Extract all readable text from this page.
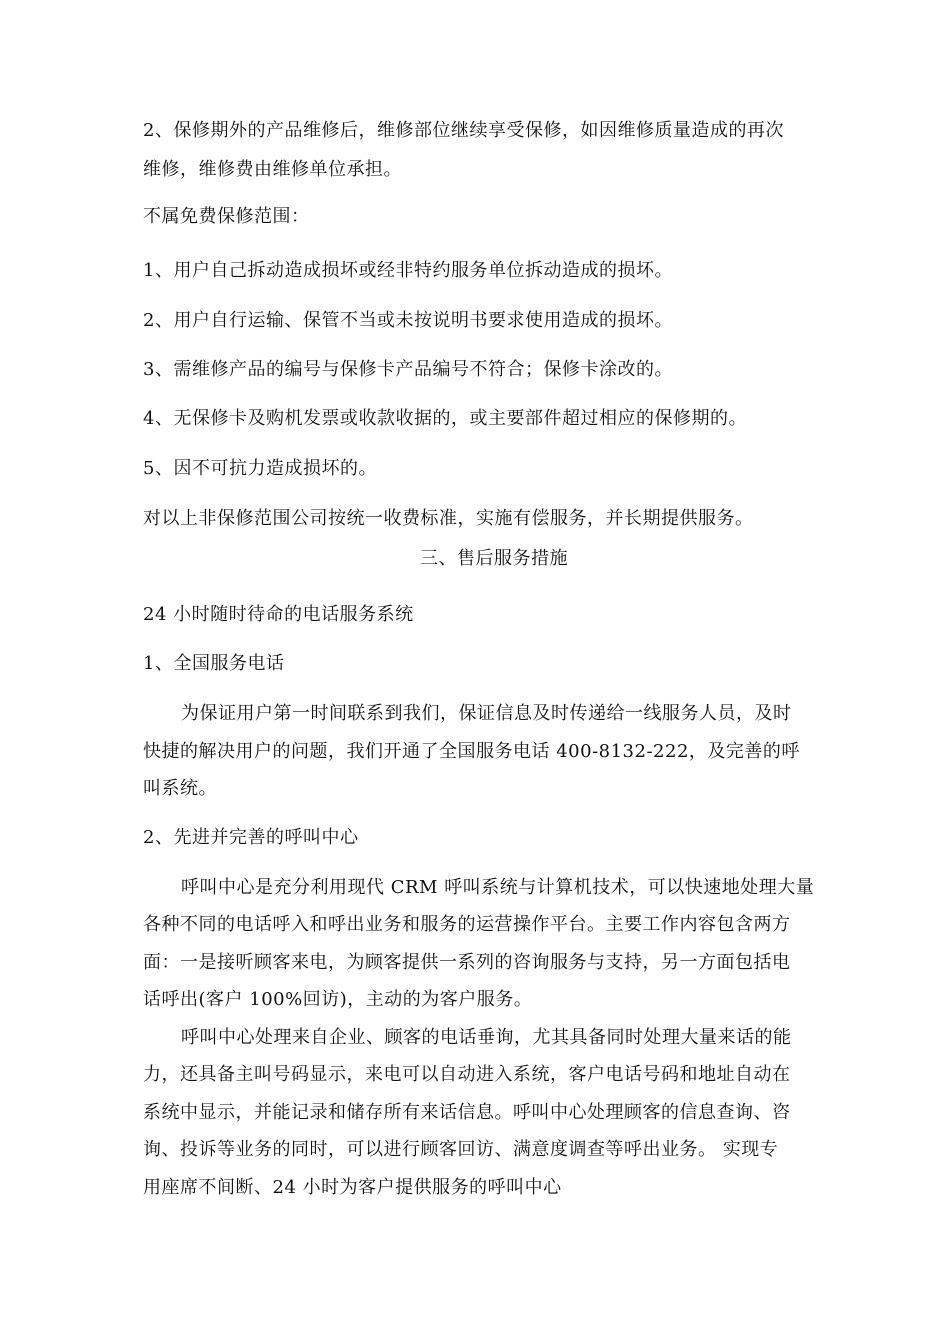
2、保修期外的产品维修后，维修部位继续享受保修，如因维修质量造成的再次
维修，维修费由维修单位承担。
不属免费保修范围：
1、用户自己拆动造成损坏或经非特约服务单位拆动造成的损坏。
2、用户自行运输、保管不当或未按说明书要求使用造成的损坏。
3、需维修产品的编号与保修卡产品编号不符合；保修卡涂改的。
4、无保修卡及购机发票或收款收据的，或主要部件超过相应的保修期的。
5、因不可抗力造成损坏的。
对以上非保修范围公司按统一收费标准，实施有偿服务，并长期提供服务。
三、售后服务措施
24 小时随时待命的电话服务系统
1、全国服务电话
为保证用户第一时间联系到我们，保证信息及时传递给一线服务人员，及时
快捷的解决用户的问题，我们开通了全国服务电话 400-8132-222，及完善的呼
叫系统。
2、先进并完善的呼叫中心
呼叫中心是充分利用现代 CRM 呼叫系统与计算机技术，可以快速地处理大量
各种不同的电话呼入和呼出业务和服务的运营操作平台。主要工作内容包含两方
面：一是接听顾客来电，为顾客提供一系列的咨询服务与支持，另一方面包括电
话呼出(客户 100%回访)，主动的为客户服务。
呼叫中心处理来自企业、顾客的电话垂询，尤其具备同时处理大量来话的能
力，还具备主叫号码显示，来电可以自动进入系统，客户电话号码和地址自动在
系统中显示，并能记录和储存所有来话信息。呼叫中心处理顾客的信息查询、咨
询、投诉等业务的同时，可以进行顾客回访、满意度调查等呼出业务。 实现专
用座席不间断、24 小时为客户提供服务的呼叫中心
